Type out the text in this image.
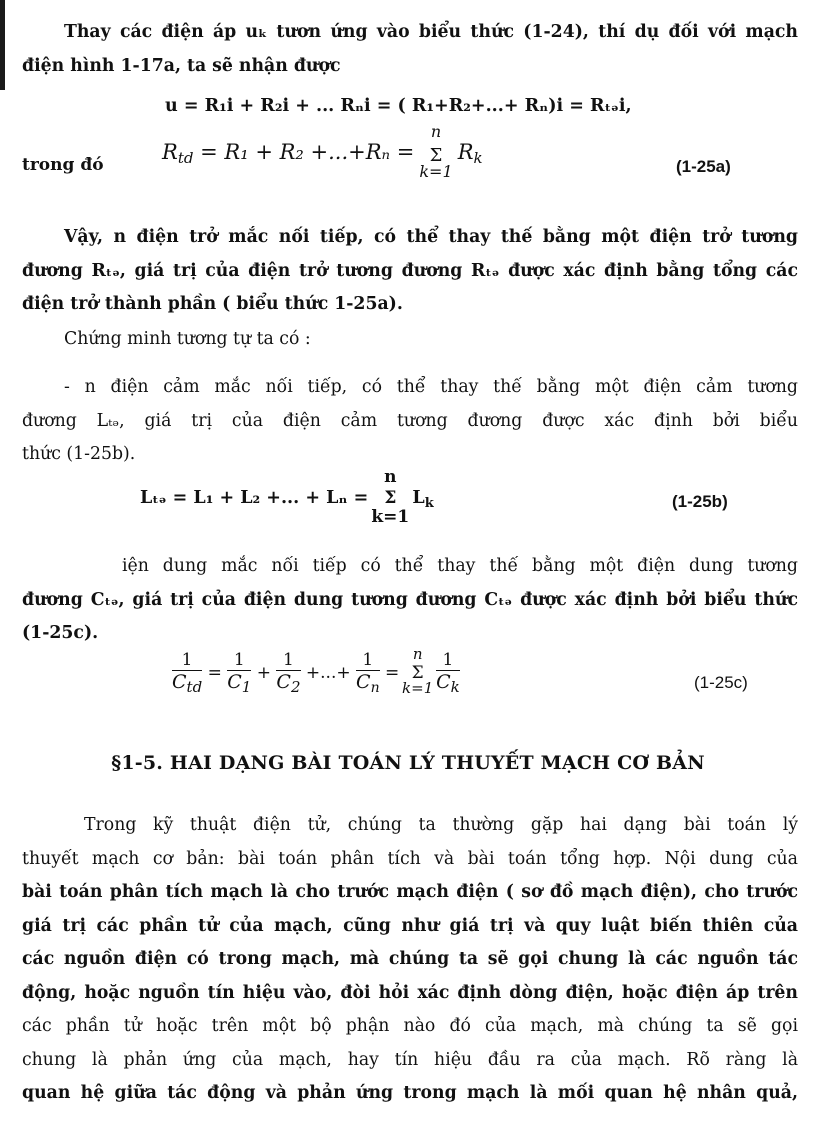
Thay các điện áp uₖ tươn ứng vào biểu thức (1-24), thí dụ đối với mạch
điện hình 1-17a, ta sẽ nhận được
u = R₁i + R₂i + ... Rₙi = ( R₁+R₂+...+ Rₙ)i = Rₜₔi,
trong đó
$R_{td} = R_1 + R_2 +...+R_n$ =
n
Σ
k=1
$R_k$	(1-25a)
Vậy, n điện trở mắc nối tiếp, có thể thay thế bằng một điện trở tương
đương Rₜₔ, giá trị của điện trở tương đương Rₜₔ được xác định bằng tổng các
điện trở thành phần ( biểu thức 1-25a).
Chứng minh tương tự ta có :
- n điện cảm mắc nối tiếp, có thể thay thế bằng một điện cảm tương
đương Lₜₔ, giá trị của điện cảm tương đương được xác định bởi biểu
thức (1-25b).
Lₜₔ = L₁ + L₂ +... + Lₙ =
n
Σ
k=1
$L_k$	(1-25b)
iện dung mắc nối tiếp có thể thay thế bằng một điện dung tương
đương Cₜₔ, giá trị của điện dung tương đương Cₜₔ được xác định bởi biểu thức
(1-25c).
$\frac{1}{C_{td}} = \frac{1}{C_1} + \frac{1}{C_2}$ +...+ $\frac{1}{C_n}$ =
n
Σ
k=1
$\frac{1}{C_k}$	(1-25c)
§1-5. HAI DẠNG BÀI TOÁN LÝ THUYẾT MẠCH CƠ BẢN
Trong kỹ thuật điện tử, chúng ta thường gặp hai dạng bài toán lý
thuyết mạch cơ bản: bài toán phân tích và bài toán tổng hợp. Nội dung của
bài toán phân tích mạch là cho trước mạch điện ( sơ đồ mạch điện), cho trước
giá trị các phần tử của mạch, cũng như giá trị và quy luật biến thiên của
các nguồn điện có trong mạch, mà chúng ta sẽ gọi chung là các nguồn tác
động, hoặc nguồn tín hiệu vào, đòi hỏi xác định dòng điện, hoặc điện áp trên
các phần tử hoặc trên một bộ phận nào đó của mạch, mà chúng ta sẽ gọi
chung là phản ứng của mạch, hay tín hiệu đầu ra của mạch. Rõ ràng là
quan hệ giữa tác động và phản ứng trong mạch là mối quan hệ nhân quả,
